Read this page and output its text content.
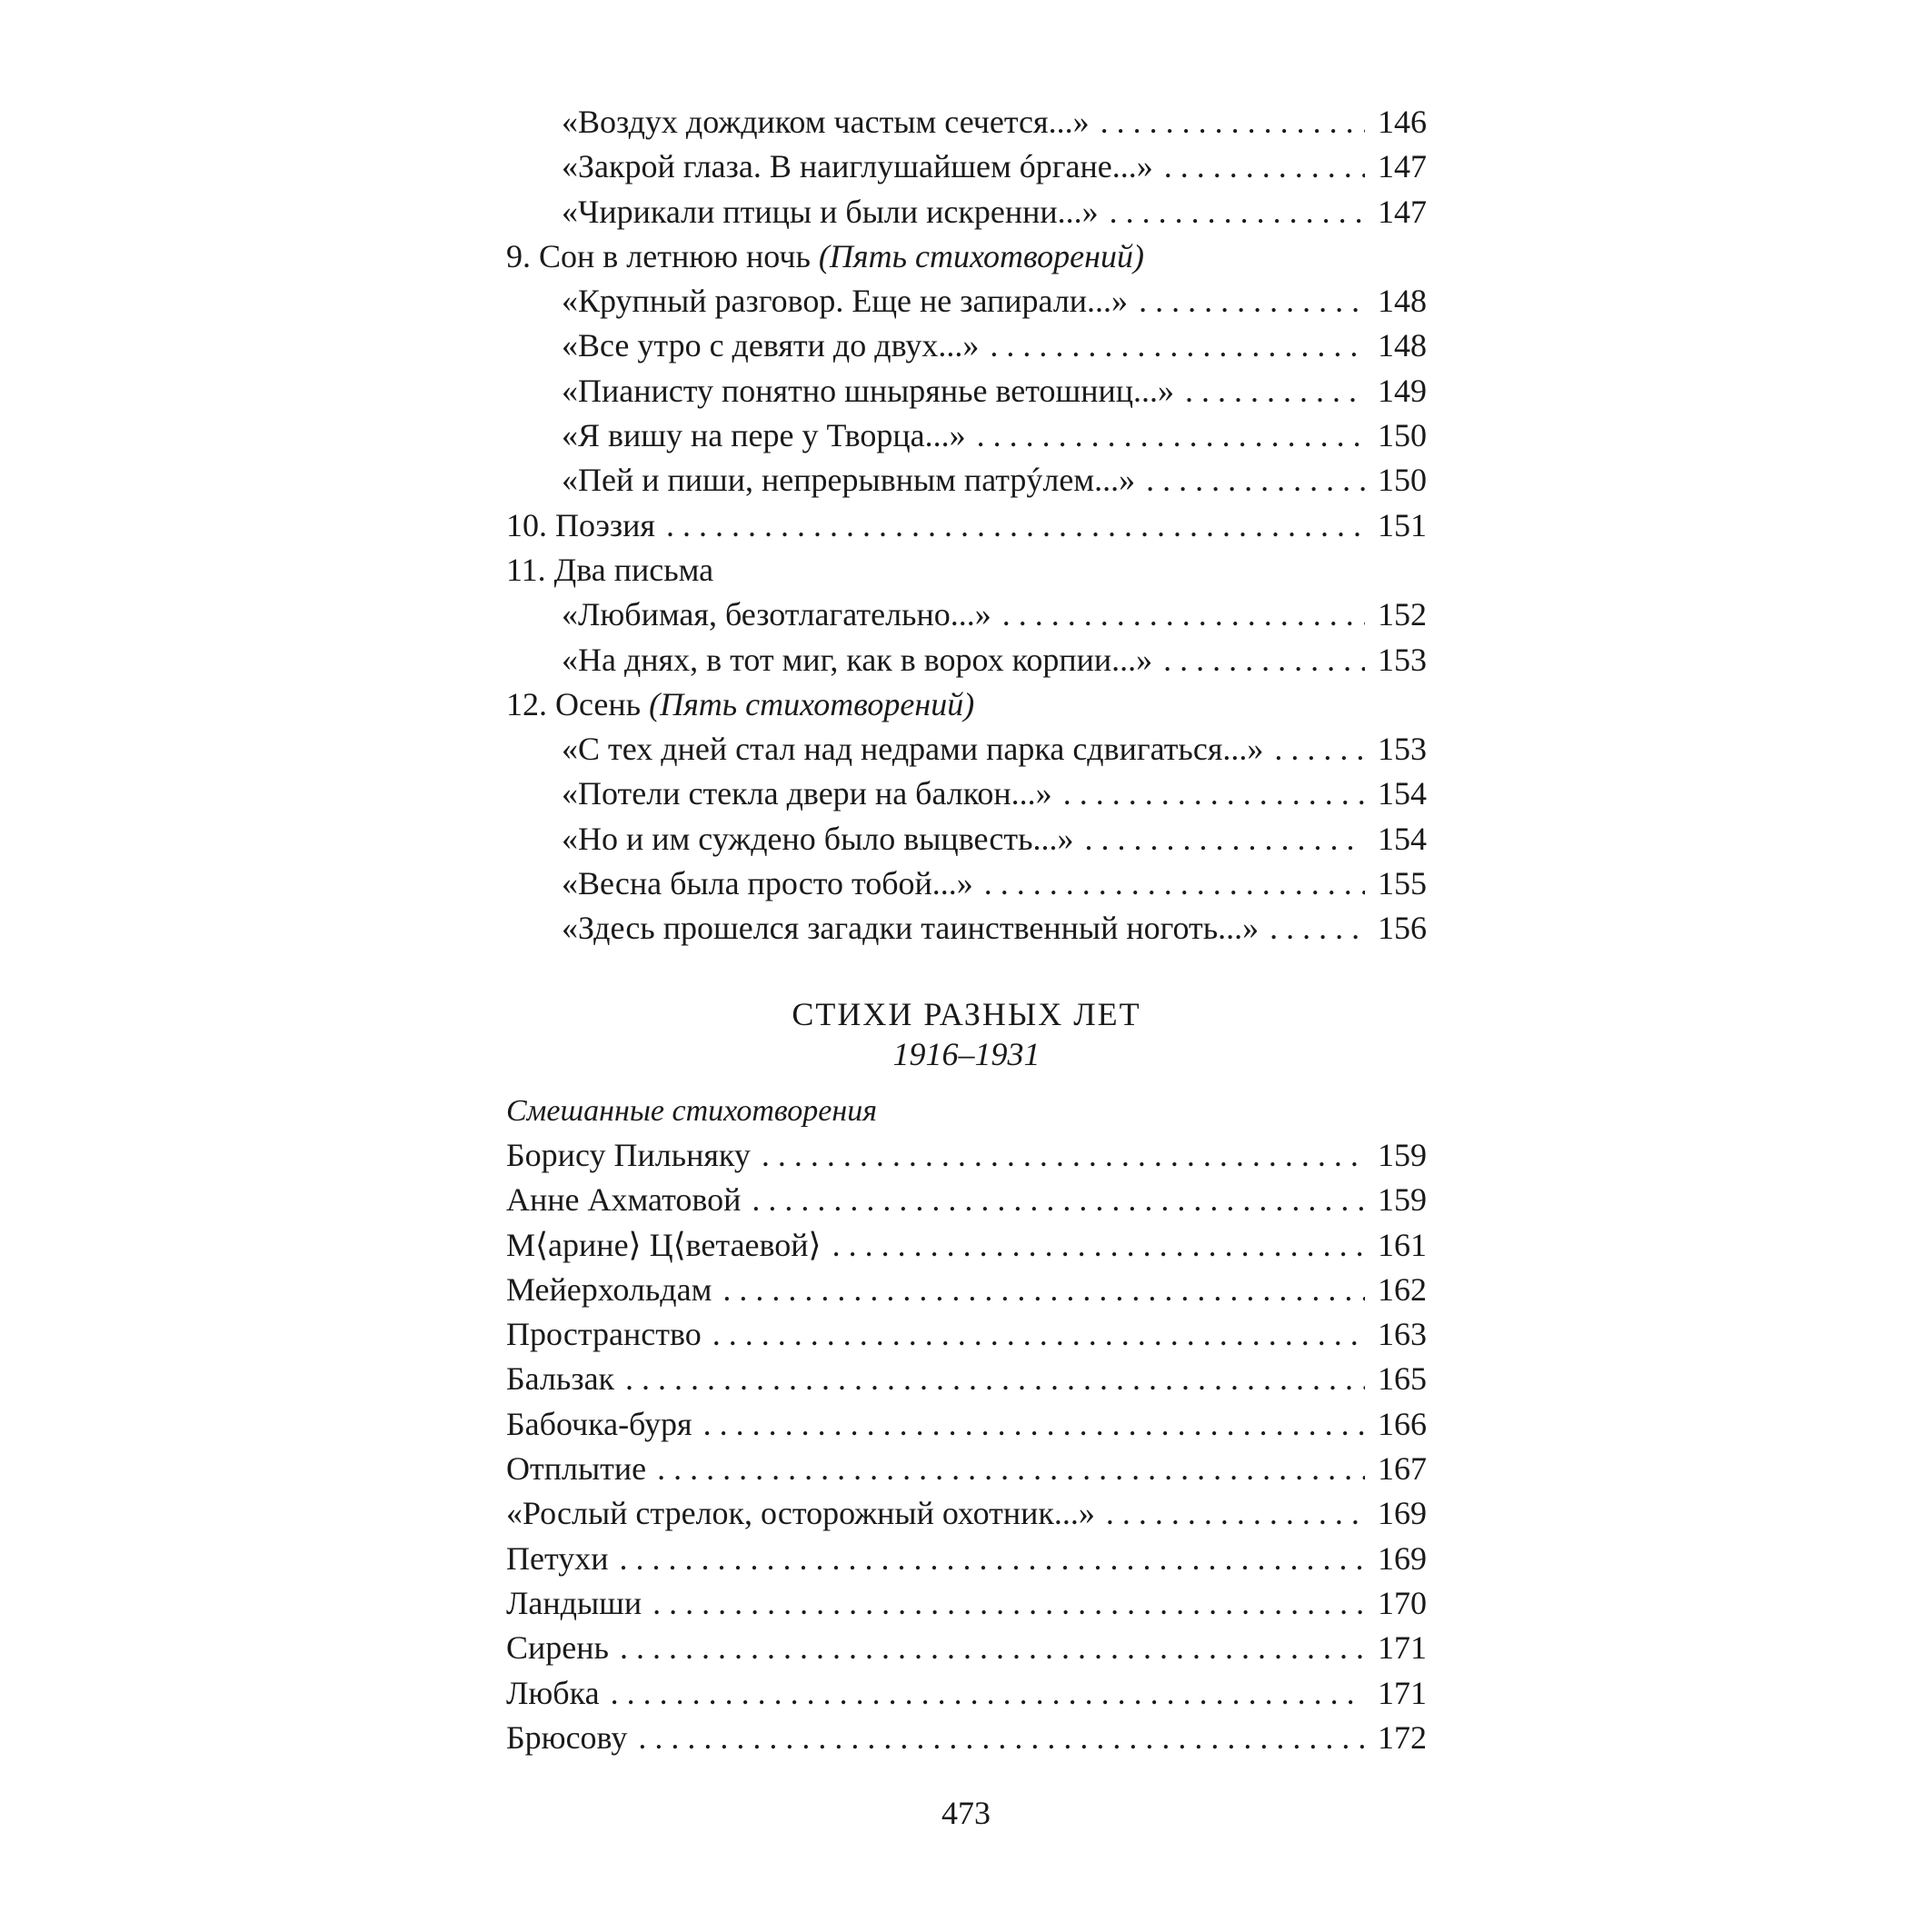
«Воздух дождиком частым сечется...» . . .	146
«Закрой глаза. В наиглушайшем óргане...» . . .	147
«Чирикали птицы и были искренни...» . . .	147
9. Сон в летнюю ночь
(Пять стихотворений)
«Крупный разговор. Еще не запирали...» . . .	148
«Все утро с девяти до двух...» . . .	148
«Пианисту понятно шнырянье ветошниц...» . . .	149
«Я вишу на пере у Творца...» . . .	150
«Пей и пиши, непрерывным патрýлем...» . . .	150
10. Поэзия . . .	151
11. Два письма
«Любимая, безотлагательно...» . . .	152
«На днях, в тот миг, как в ворох корпии...» . . .	153
12. Осень
(Пять стихотворений)
«С тех дней стал над недрами парка сдвигаться...» . . .	153
«Потели стекла двери на балкон...» . . .	154
«Но и им суждено было выцвесть...» . . .	154
«Весна была просто тобой...» . . .	155
«Здесь прошелся загадки таинственный ноготь...» . . .	156
СТИХИ РАЗНЫХ ЛЕТ
1916–1931
Смешанные стихотворения
Борису Пильняку . . .	159
Анне Ахматовой . . .	159
М⟨арине⟩ Ц⟨ветаевой⟩ . . .	161
Мейерхольдам . . .	162
Пространство . . .	163
Бальзак . . .	165
Бабочка-буря . . .	166
Отплытие . . .	167
«Рослый стрелок, осторожный охотник...» . . .	169
Петухи . . .	169
Ландыши . . .	170
Сирень . . .	171
Любка . . .	171
Брюсову . . .	172
473
